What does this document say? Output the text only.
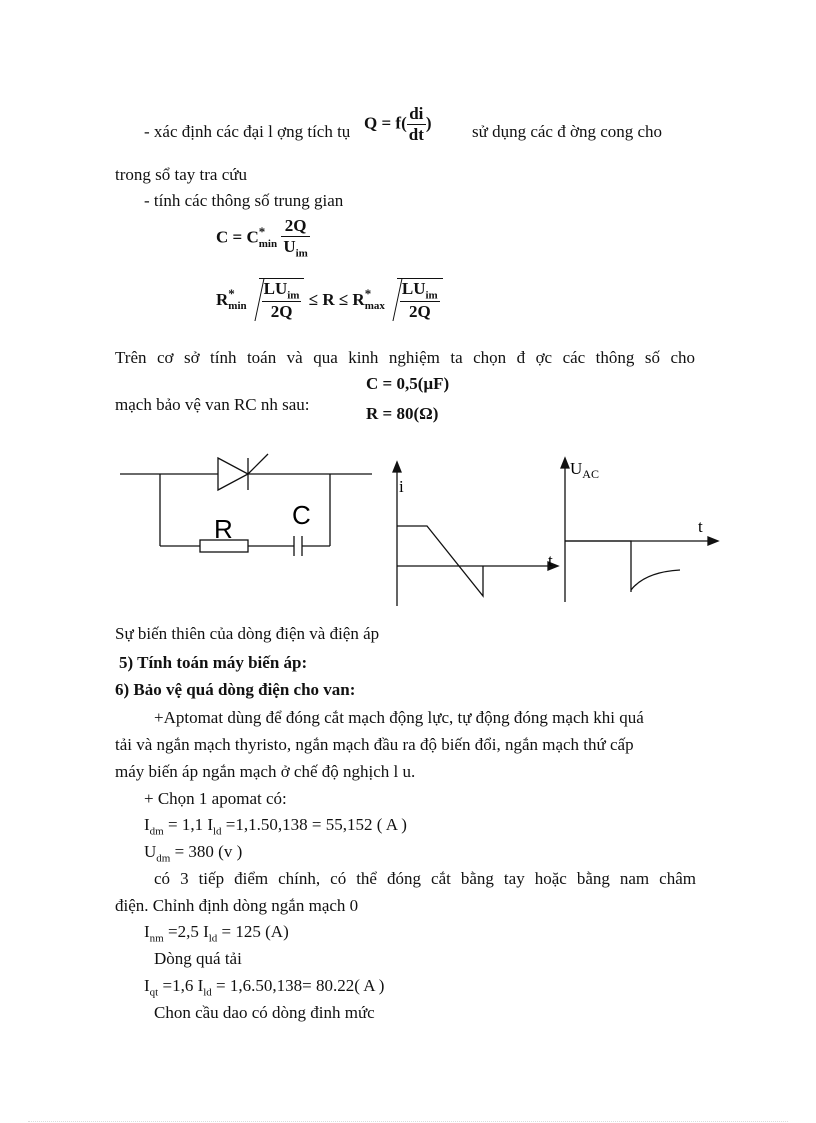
- xác định các đại l ợng tích tụ $Q = f( \frac{di}{dt}$ ) sử dụng các đ ờng cong cho
trong sổ tay tra cứu
- tính các thông số trung gian
C = C *
min
$\frac{2Q}{U_{im}}$
R *
$\min \frac{LU_{im}}{2Q} \le R \le R$ *
$\max \frac{LU_{im}}{2Q}$
Trên cơ sở tính toán và qua kinh nghiệm ta chọn đ ợc các thông số cho
mạch bảo vệ van RC nh sau:
C = 0,5(µF)
R = 80(Ω)
R C
i
t
$U_{AC}$
t
Sự biến thiên của dòng điện và điện áp
5) Tính toán máy biến áp:
6) Bảo vệ quá dòng điện cho van:
+Aptomat dùng để đóng cắt mạch động lực, tự động đóng mạch khi quá
tải và ngắn mạch thyristo, ngắn mạch đầu ra độ biến đổi, ngắn mạch thứ cấp
máy biến áp ngắn mạch ở chế độ nghịch l u.
+ Chọn 1 apomat có:
$I_{dm} = 1,1$ $I_{ld} =1,1.50,138 = 55,152$ ( A )
$U_{dm} = 380$ (v )
có 3 tiếp điểm chính, có thể đóng cắt bằng tay hoặc bằng nam châm
điện. Chỉnh định dòng ngắn mạch 0
$I_{nm} =2,5$ $I_{ld} = 125$ (A)
Dòng quá tải
$I_{qt} =1,6$ $I_{ld} = 1,6.50,138= 80.22$( A )
Chon cầu dao có dòng đinh mức
